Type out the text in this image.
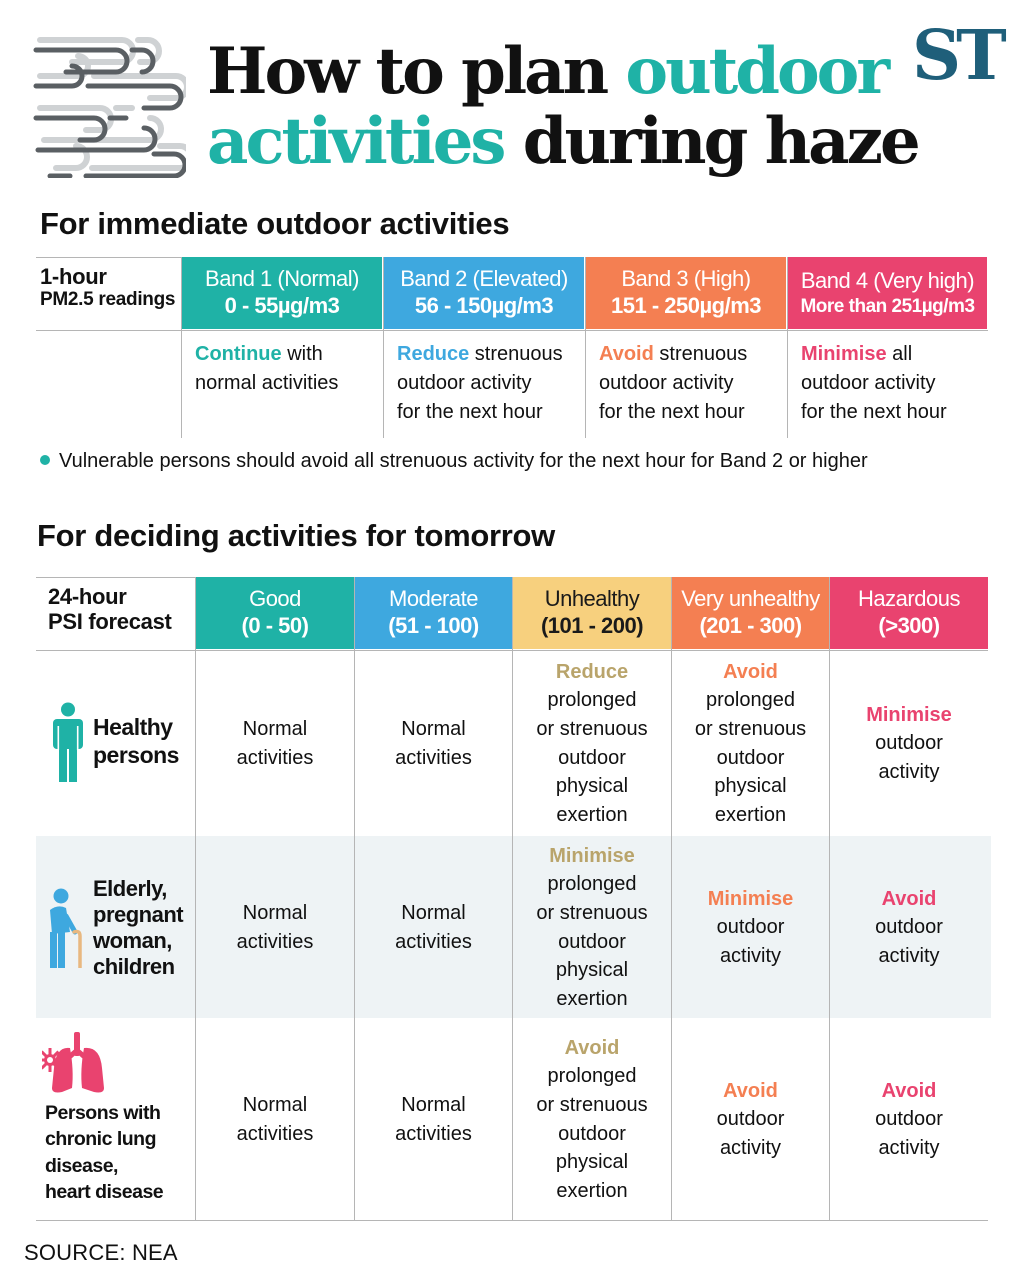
How to plan outdoor
activities during haze
ST
For immediate outdoor activities
1-hour
PM2.5 readings
Band 1 (Normal)
0 - 55µg/m3
Band 2 (Elevated)
56 - 150µg/m3
Band 3 (High)
151 - 250µg/m3
Band 4 (Very high)
More than 251µg/m3
Continue with
normal activities
Reduce strenuous
outdoor activity
for the next hour
Avoid strenuous
outdoor activity
for the next hour
Minimise all
outdoor activity
for the next hour
Vulnerable persons should avoid all strenuous activity for the next hour for Band 2 or higher
For deciding activities for tomorrow
24-hour
PSI forecast
Good
(0 - 50)
Moderate
(51 - 100)
Unhealthy
(101 - 200)
Very unhealthy
(201 - 300)
Hazardous
(>300)
Healthy
persons
Elderly,
pregnant
woman,
children
Persons with
chronic lung
disease,
heart disease
Normal
activities
Normal
activities
Reduce
prolonged
or strenuous
outdoor
physical
exertion
Avoid
prolonged
or strenuous
outdoor
physical
exertion
Minimise
outdoor
activity
Normal
activities
Normal
activities
Minimise
prolonged
or strenuous
outdoor
physical
exertion
Minimise
outdoor
activity
Avoid
outdoor
activity
Normal
activities
Normal
activities
Avoid
prolonged
or strenuous
outdoor
physical
exertion
Avoid
outdoor
activity
Avoid
outdoor
activity
SOURCE: NEA
